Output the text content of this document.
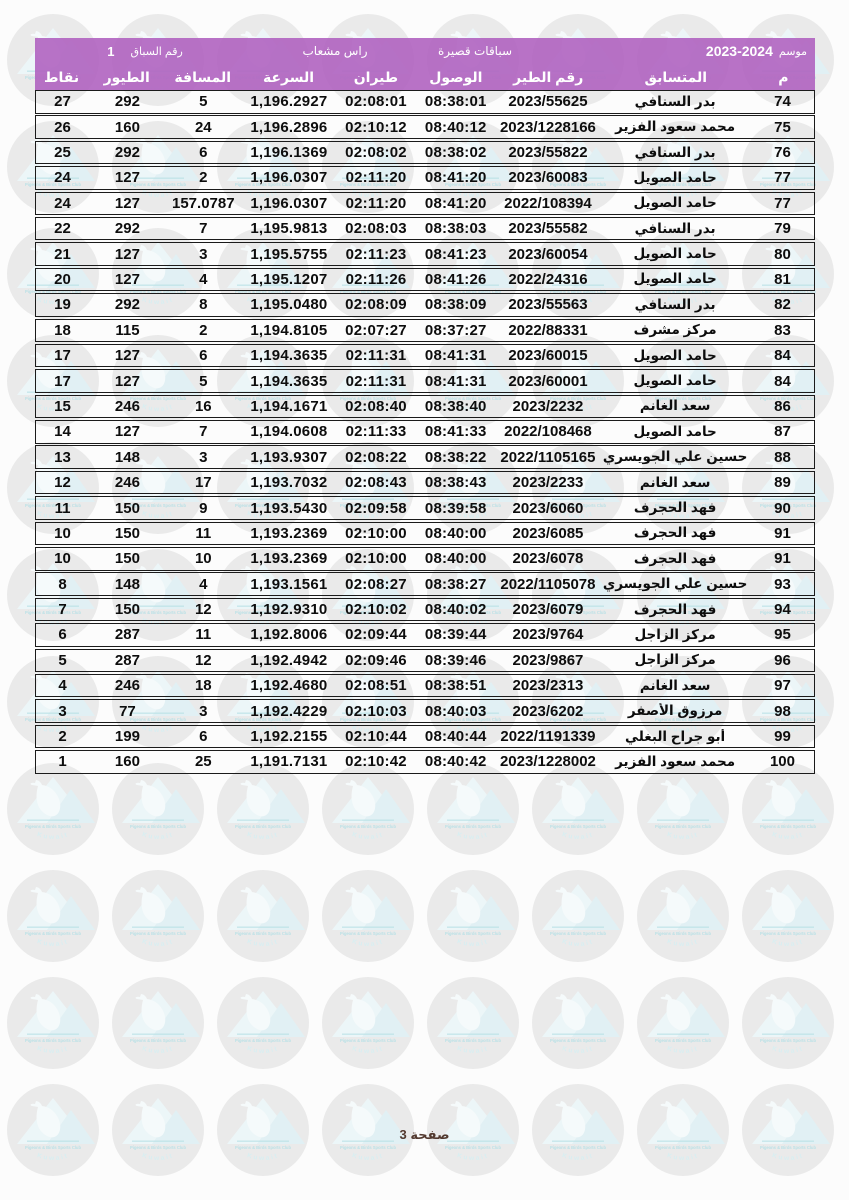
موسم
2023-2024
سباقات قصيرة
راس مشعاب
رقم السباق
1
م
المتسابق
رقم الطير
الوصول
طيران
السرعة
المسافة
الطيور
نقاط
74
بدر السنافي
2023/55625
08:38:01
02:08:01
1,196.2927
5
292
27
75
محمد سعود الفزير
2023/1228166
08:40:12
02:10:12
1,196.2896
24
160
26
76
بدر السنافي
2023/55822
08:38:02
02:08:02
1,196.1369
6
292
25
77
حامد الصويل
2023/60083
08:41:20
02:11:20
1,196.0307
2
127
24
77
حامد الصويل
2022/108394
08:41:20
02:11:20
1,196.0307
157.0787
127
24
79
بدر السنافي
2023/55582
08:38:03
02:08:03
1,195.9813
7
292
22
80
حامد الصويل
2023/60054
08:41:23
02:11:23
1,195.5755
3
127
21
81
حامد الصويل
2022/24316
08:41:26
02:11:26
1,195.1207
4
127
20
82
بدر السنافي
2023/55563
08:38:09
02:08:09
1,195.0480
8
292
19
83
مركز مشرف
2022/88331
08:37:27
02:07:27
1,194.8105
2
115
18
84
حامد الصويل
2023/60015
08:41:31
02:11:31
1,194.3635
6
127
17
84
حامد الصويل
2023/60001
08:41:31
02:11:31
1,194.3635
5
127
17
86
سعد الغانم
2023/2232
08:38:40
02:08:40
1,194.1671
16
246
15
87
حامد الصويل
2022/108468
08:41:33
02:11:33
1,194.0608
7
127
14
88
حسين علي الجويسري
2022/1105165
08:38:22
02:08:22
1,193.9307
3
148
13
89
سعد الغانم
2023/2233
08:38:43
02:08:43
1,193.7032
17
246
12
90
فهد الحجرف
2023/6060
08:39:58
02:09:58
1,193.5430
9
150
11
91
فهد الحجرف
2023/6085
08:40:00
02:10:00
1,193.2369
11
150
10
91
فهد الحجرف
2023/6078
08:40:00
02:10:00
1,193.2369
10
150
10
93
حسين علي الجويسري
2022/1105078
08:38:27
02:08:27
1,193.1561
4
148
8
94
فهد الحجرف
2023/6079
08:40:02
02:10:02
1,192.9310
12
150
7
95
مركز الزاجل
2023/9764
08:39:44
02:09:44
1,192.8006
11
287
6
96
مركز الزاجل
2023/9867
08:39:46
02:09:46
1,192.4942
12
287
5
97
سعد الغانم
2023/2313
08:38:51
02:08:51
1,192.4680
18
246
4
98
مرزوق الأصفر
2023/6202
08:40:03
02:10:03
1,192.4229
3
77
3
99
أبو جراح البغلي
2022/1191339
08:40:44
02:10:44
1,192.2155
6
199
2
100
محمد سعود الفزير
2023/1228002
08:40:42
02:10:42
1,191.7131
25
160
1
صفحة 3
